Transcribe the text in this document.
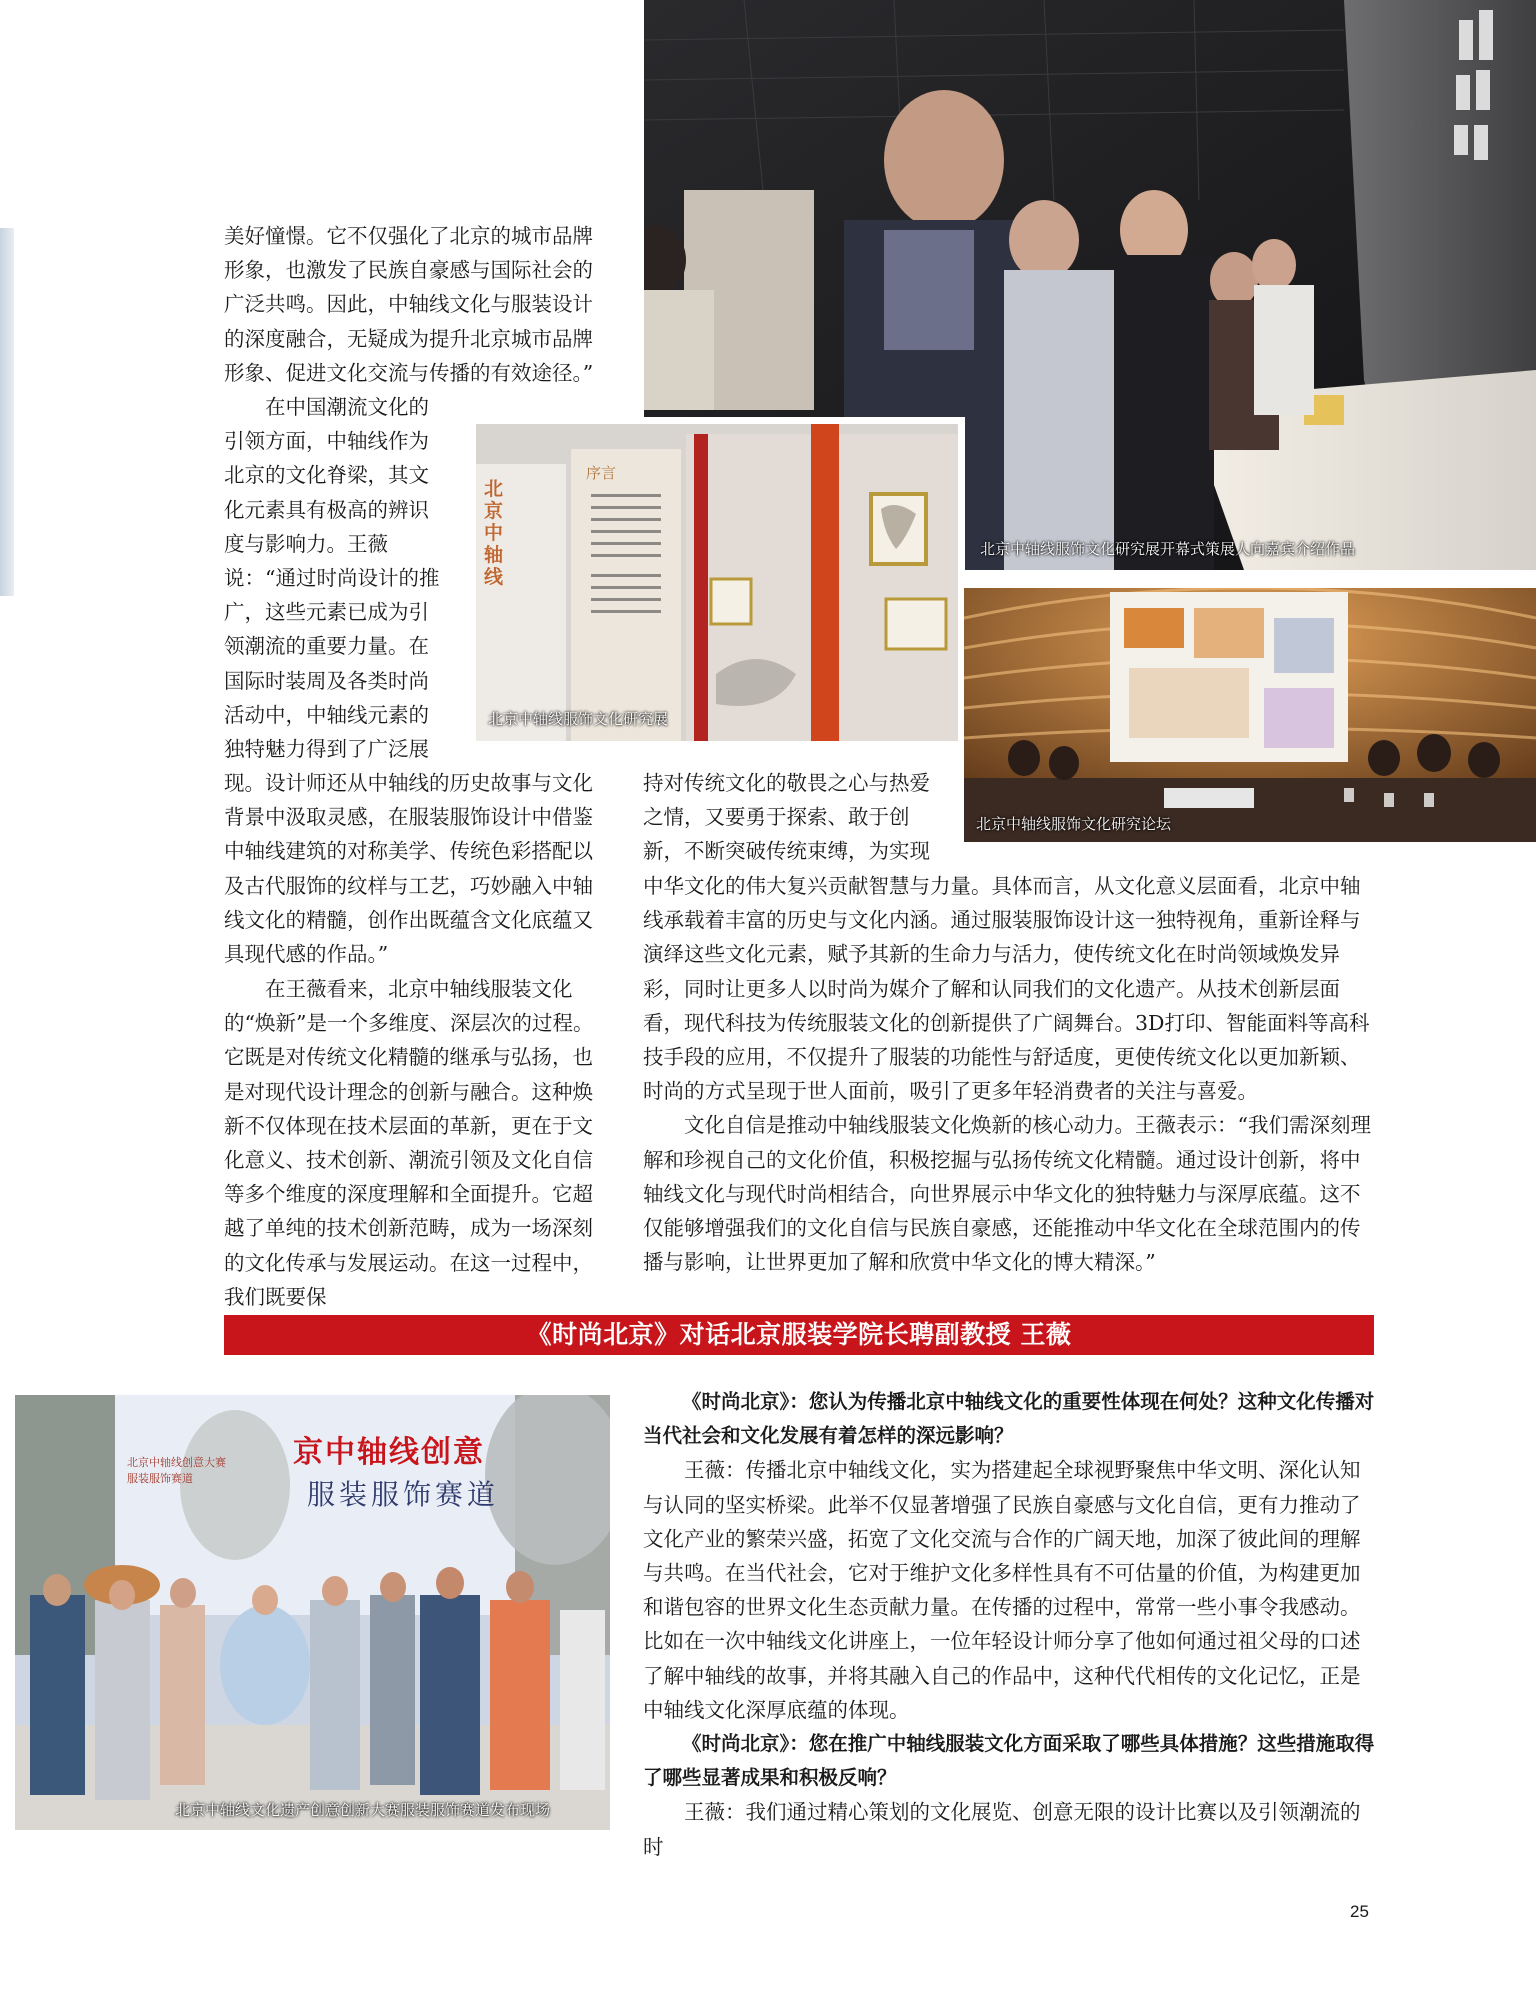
北京中轴线服饰文化研究展开幕式策展人向嘉宾介绍作品
北京中轴线
序言
北京中轴线服饰文化研究展
北京中轴线服饰文化研究论坛
京中轴线创意
服装服饰赛道
北京中轴线创意大赛 服装服饰赛道
北京中轴线文化遗产创意创新大赛服装服饰赛道发布现场

美好憧憬。它不仅强化了北京的城市品牌形象，也激发了民族自豪感与国际社会的广泛共鸣。因此，中轴线文化与服装设计的深度融合，无疑成为提升北京城市品牌形象、促进文化交流与传播的有效途径。”

在中国潮流文化的引领方面，中轴线作为北京的文化脊梁，其文化元素具有极高的辨识度与影响力。王薇说：“通过时尚设计的推广，这些元素已成为引领潮流的重要力量。在国际时装周及各类时尚活动中，中轴线元素的独特魅力得到了广泛展

现。设计师还从中轴线的历史故事与文化背景中汲取灵感，在服装服饰设计中借鉴中轴线建筑的对称美学、传统色彩搭配以及古代服饰的纹样与工艺，巧妙融入中轴线文化的精髓，创作出既蕴含文化底蕴又具现代感的作品。”

在王薇看来，北京中轴线服装文化的“焕新”是一个多维度、深层次的过程。它既是对传统文化精髓的继承与弘扬，也是对现代设计理念的创新与融合。这种焕新不仅体现在技术层面的革新，更在于文化意义、技术创新、潮流引领及文化自信等多个维度的深度理解和全面提升。它超越了单纯的技术创新范畴，成为一场深刻的文化传承与发展运动。在这一过程中，我们既要保

持对传统文化的敬畏之心与热爱之情，又要勇于探索、敢于创新，不断突破传统束缚，为实现

中华文化的伟大复兴贡献智慧与力量。具体而言，从文化意义层面看，北京中轴线承载着丰富的历史与文化内涵。通过服装服饰设计这一独特视角，重新诠释与演绎这些文化元素，赋予其新的生命力与活力，使传统文化在时尚领域焕发异彩，同时让更多人以时尚为媒介了解和认同我们的文化遗产。从技术创新层面看，现代科技为传统服装文化的创新提供了广阔舞台。3D打印、智能面料等高科技手段的应用，不仅提升了服装的功能性与舒适度，更使传统文化以更加新颖、时尚的方式呈现于世人面前，吸引了更多年轻消费者的关注与喜爱。

文化自信是推动中轴线服装文化焕新的核心动力。王薇表示：“我们需深刻理解和珍视自己的文化价值，积极挖掘与弘扬传统文化精髓。通过设计创新，将中轴线文化与现代时尚相结合，向世界展示中华文化的独特魅力与深厚底蕴。这不仅能够增强我们的文化自信与民族自豪感，还能推动中华文化在全球范围内的传播与影响，让世界更加了解和欣赏中华文化的博大精深。”

《时尚北京》对话北京服装学院长聘副教授 王薇

《时尚北京》：您认为传播北京中轴线文化的重要性体现在何处？这种文化传播对当代社会和文化发展有着怎样的深远影响？

王薇：传播北京中轴线文化，实为搭建起全球视野聚焦中华文明、深化认知与认同的坚实桥梁。此举不仅显著增强了民族自豪感与文化自信，更有力推动了文化产业的繁荣兴盛，拓宽了文化交流与合作的广阔天地，加深了彼此间的理解与共鸣。在当代社会，它对于维护文化多样性具有不可估量的价值，为构建更加和谐包容的世界文化生态贡献力量。在传播的过程中，常常一些小事令我感动。比如在一次中轴线文化讲座上，一位年轻设计师分享了他如何通过祖父母的口述了解中轴线的故事，并将其融入自己的作品中，这种代代相传的文化记忆，正是中轴线文化深厚底蕴的体现。

《时尚北京》：您在推广中轴线服装文化方面采取了哪些具体措施？这些措施取得了哪些显著成果和积极反响？

王薇：我们通过精心策划的文化展览、创意无限的设计比赛以及引领潮流的时

25
